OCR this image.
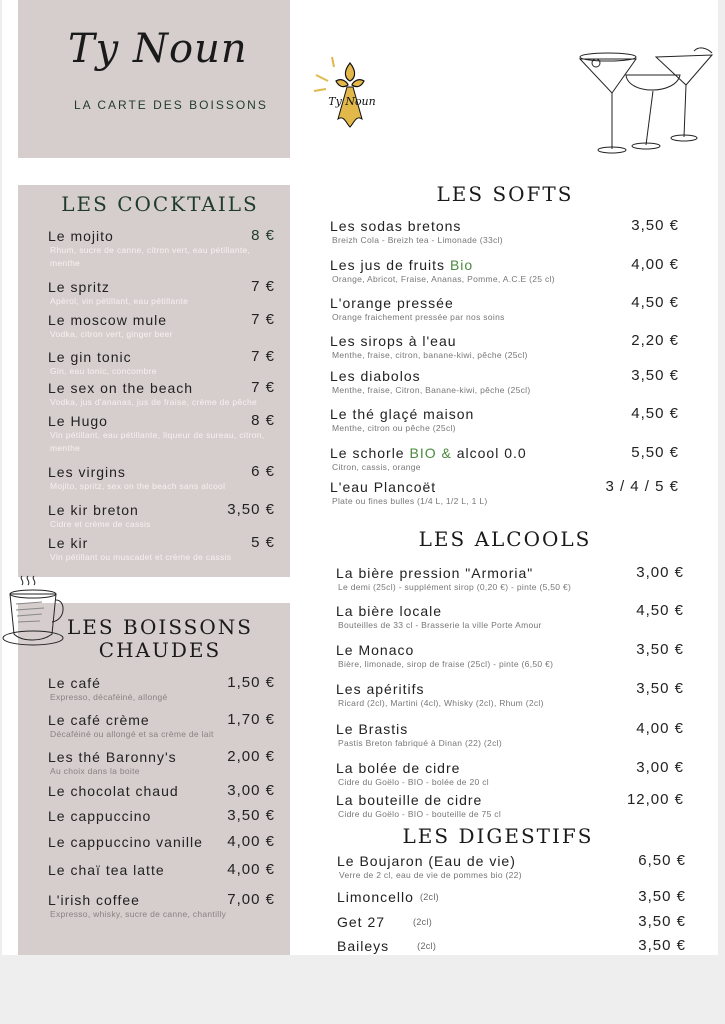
Ty Noun
LA CARTE DES BOISSONS	Ty Noun
LES COCKTAILS
LES BOISSONS
CHAUDES
LES SOFTS
LES ALCOOLS
LES DIGESTIFS
Le mojito	8 €
Rhum, sucre de canne, citron vert, eau pétillante, menthe
Le spritz	7 €
Apérol, vin pétillant, eau pétillante
Le moscow mule	7 €
Vodka, citron vert, ginger beer
Le gin tonic	7 €
Gin, eau tonic, concombre
Le sex on the beach	7 €
Vodka, jus d'ananas, jus de fraise, crème de pêche
Le Hugo	8 €
Vin pétillant, eau pétillante, liqueur de sureau, citron, menthe
Les virgins	6 €
Mojito, spritz, sex on the beach sans alcool
Le kir breton	3,50 €
Cidre et crème de cassis
Le kir	5 €
Vin pétillant ou muscadet et crème de cassis
Le café	1,50 €
Expresso, décaféiné, allongé
Le café crème	1,70 €
Décaféiné ou allongé et sa crème de lait
Les thé Baronny's	2,00 €
Au choix dans la boite
Le chocolat chaud	3,00 €
Le cappuccino	3,50 €
Le cappuccino vanille 4,00 €
Le chaï tea latte	4,00 €
L'irish coffee	7,00 €
Expresso, whisky, sucre de canne, chantilly
Les sodas bretons	3,50 €
Breizh Cola - Breizh tea - Limonade (33cl)
Les jus de fruits Bio	4,00 €
Orange, Abricot, Fraise, Ananas, Pomme, A.C.E (25 cl)
L'orange pressée	4,50 €
Orange fraichement pressée par nos soins
Les sirops à l'eau	2,20 €
Menthe, fraise, citron, banane-kiwi, pêche (25cl)
Les diabolos	3,50 €
Menthe, fraise, Citron, Banane-kiwi, pêche (25cl)
Le thé glaçé maison	4,50 €
Menthe, citron ou pêche (25cl)
Le schorle BIO & alcool 0.0	5,50 €
Citron, cassis, orange
L'eau Plancoët	3 / 4 / 5 €
Plate ou fines bulles (1/4 L, 1/2 L, 1 L)
La bière pression "Armoria"	3,00 €
Le demi (25cl) - supplément sirop (0,20 €) - pinte (5,50 €)
La bière locale	4,50 €
Bouteilles de 33 cl - Brasserie la ville Porte Amour
Le Monaco	3,50 €
Bière, limonade, sirop de fraise (25cl) - pinte (6,50 €)
Les apéritifs	3,50 €
Ricard (2cl), Martini (4cl), Whisky (2cl), Rhum (2cl)
Le Brastis	4,00 €
Pastis Breton fabriqué à Dinan (22) (2cl)
La bolée de cidre	3,00 €
Cidre du Goëlo - BIO - bolée de 20 cl
La bouteille de cidre	12,00 €
Cidre du Goëlo - BIO - bouteille de 75 cl
Le Boujaron (Eau de vie)	6,50 €
Verre de 2 cl, eau de vie de pommes bio (22)
Limoncello $^{(2cl)}$	3,50 €
Get 27	$^{(2cl)}$	3,50 €
Baileys	$^{(2cl)}$	3,50 €
